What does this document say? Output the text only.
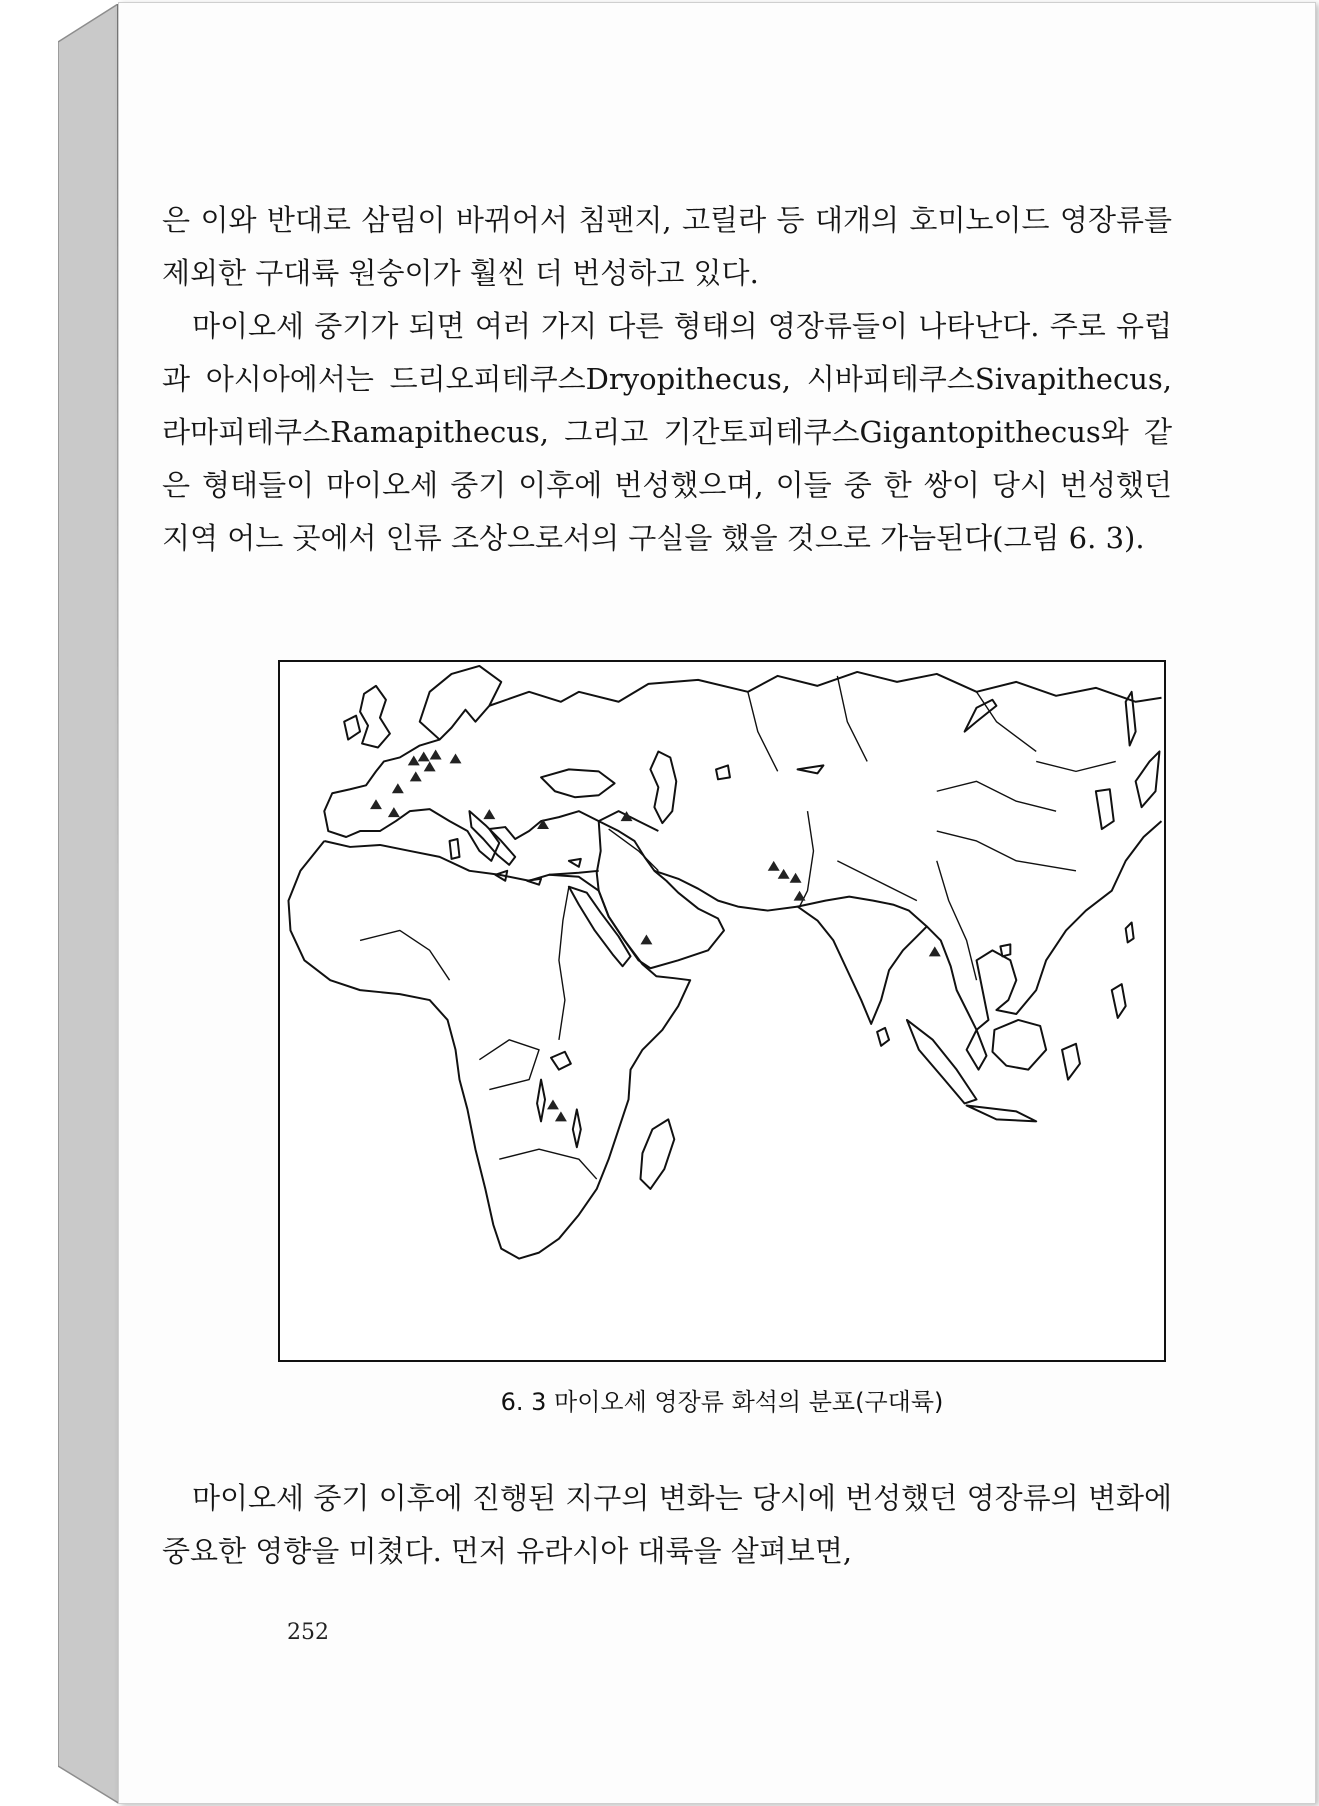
은 이와 반대로 삼림이 바뀌어서 침팬지, 고릴라 등 대개의 호미노이드 영장류를 제외한 구대륙 원숭이가 훨씬 더 번성하고 있다.

마이오세 중기가 되면 여러 가지 다른 형태의 영장류들이 나타난다. 주로 유럽과 아시아에서는 드리오피테쿠스Dryopithecus, 시바피테쿠스Sivapithecus, 라마피테쿠스Ramapithecus, 그리고 기간토피테쿠스Gigantopithecus와 같은 형태들이 마이오세 중기 이후에 번성했으며, 이들 중 한 쌍이 당시 번성했던 지역 어느 곳에서 인류 조상으로서의 구실을 했을 것으로 가늠된다(그림 6. 3).

6. 3 마이오세 영장류 화석의 분포(구대륙)

마이오세 중기 이후에 진행된 지구의 변화는 당시에 번성했던 영장류의 변화에 중요한 영향을 미쳤다. 먼저 유라시아 대륙을 살펴보면,

252
